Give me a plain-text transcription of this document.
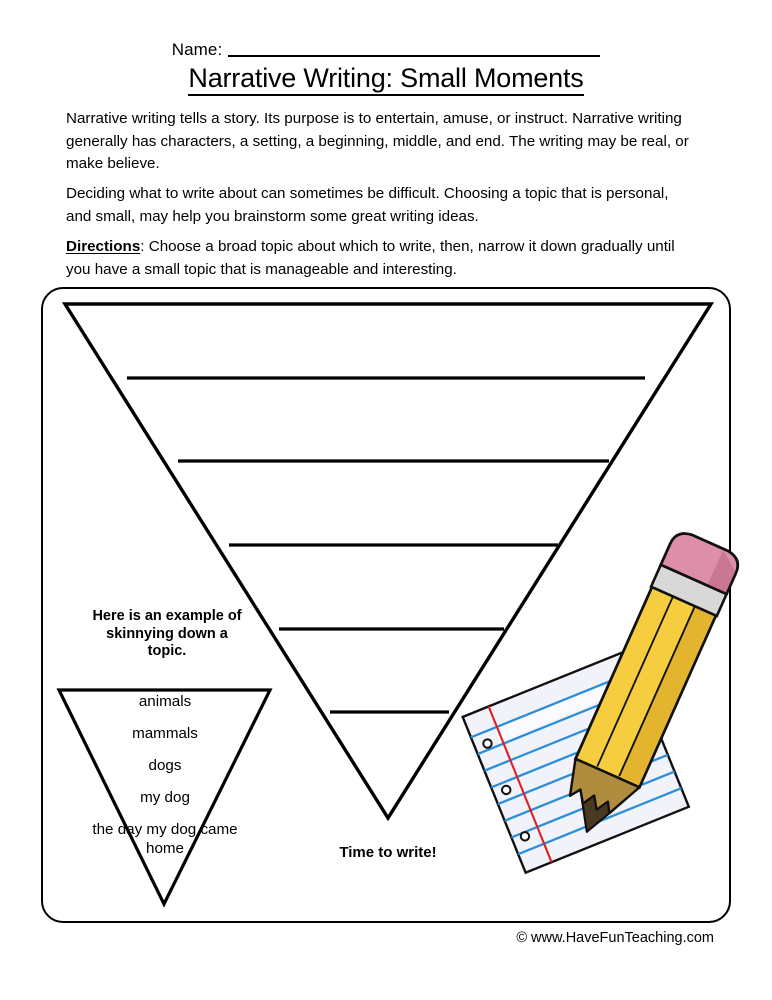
Name:
Narrative Writing: Small Moments
Narrative writing tells a story. Its purpose is to entertain, amuse, or instruct. Narrative writing generally has characters, a setting, a beginning, middle, and end. The writing may be real, or make believe.
Deciding what to write about can sometimes be difficult. Choosing a topic that is personal, and small, may help you brainstorm some great writing ideas.
Directions: Choose a broad topic about which to write, then, narrow it down gradually until you have a small topic that is manageable and interesting.
Here is an example of skinnying down a topic.
animals
mammals
dogs
my dog
the day my dog came home	Time to write!
© www.HaveFunTeaching.com
